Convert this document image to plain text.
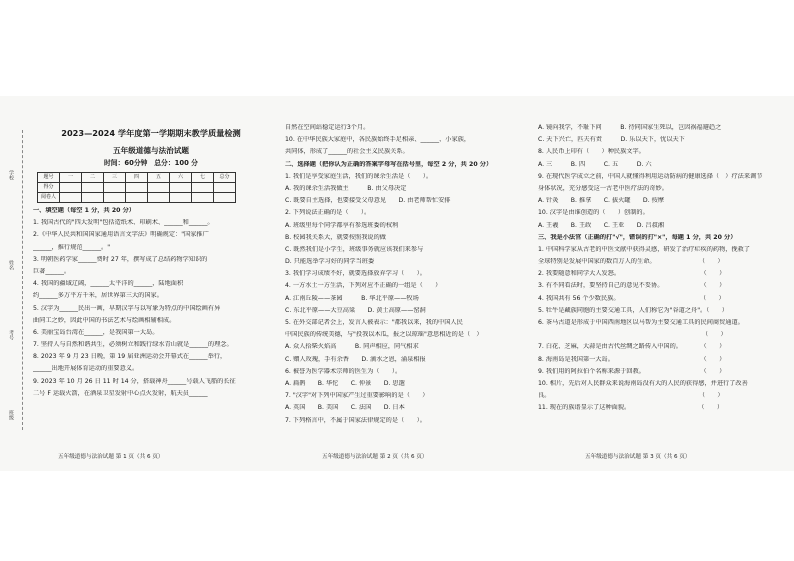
学校
姓名
考号
班级
2023—2024 学年度第一学期期末教学质量检测
五年级道德与法治试题
时间：60分钟　总分：100 分
题号	一	二	三	四	五	六	七	总分
得分								
阅卷人								
一、填空题（每空 1 分，共 20 分）
1. 我国古代的"四大发明"包括造纸术、印刷术、______和______。
2.《中华人民共和国国家通用语言文字法》明确规定："国家推广
______，推行规范______。"
3. 明朝医药学家______费时 27 年，撰写成了总结药物学知识的
巨著______。
4. 我国的疆域辽阔，______太平洋的______，陆地面积
约______多万平方千米，居世界第三大的国家。
5. 汉字为______民出一画，早期汉字与以写象为特点的中国绘画有异
曲同工之妙，因此中国的书法艺术与绘画相辅相成。
6. 美丽宝岛台湾在______，是我国第一大岛。
7. 坚持人与自然和谐共生，必须树立和践行绿水青山就是______的理念。
8. 2023 年 9 月 23 日晚，第 19 届亚洲运动会开幕式在______举行，
______出地开展体育运动的重要意义。
9. 2023 年 10 月 26 日 11 时 14 分，搭载神舟______号载人飞船的长征
二号 F 运载火箭，在酒泉卫星发射中心点火发射，航天员______
自然在空间站稳定运行3个月。
10. 在中华民族大家庭中，各民族始终手足相亲、______、小家族，
共同体，形成了______的社会主义民族关系。
二、选择题（把你认为正确的答案字母写在括号里，每空 2 分，共 20 分）
1. 我们是享受家庭生活，我们的课余生活是（　　）。
A. 我的课余生活我做主　　　B. 由父母决定
C. 既要自主选择，也要接受父母意见　　D. 由老师帮忙安排
2. 下列说法正确的是（　　）。
A. 班级里每个同学都享有参选班委的权利
B. 校园我关系大，就要按照我说的做
C. 既然我们是小学生，班级事务就应该我们来参与
D. 只能选举学习好的同学当班委
3. 我们学习成绩不好，就要选择放弃学习（　　）。
4. 一方水土一方生活，下列对应不正确的一组是（　　）
A. 江南丘陵——茶园　　　B. 华北平原——牧场
C. 东北平原——大豆高粱　　D. 黄土高原——窑洞
5. 在外交部记者会上，发言人被表示："都我以来，我的中国人民
中国民族的传统美德，与"投我以木瓜，报之以琼瑶"意思相近的是（　）
A. 众人拾柴火焰高　　　B. 同声相应，同气相求
C. 赠人玫瑰，手有余香　　D. 滴水之恩，涌泉相报
6. 被誉为医学器术宗师的医生为（　　）。
A. 扁鹊　　B. 华佗　　C. 仲景　　D. 思邈
7. "汉字"对下列中国家产生过重要影响的是（　　）
A. 英国　　B. 美国　　C. 法国　　D. 日本
7. 下列格言中，不属于国家法律规定的是（　　）。
A. 镜向我学，不耻下问　　　B. 待同国家生死以，岂因祸福避趋之
C. 天下兴亡，匹夫有责　　　D. 乐以天下，忧以天下
8. 人民币上印有（　　）种民族文字。
A. 三　　　B. 四　　　C. 五　　　D. 六
9. 在现代医学成立之前，中国人就懂得利用运动防病的健康选择（　）疗法来调节
身体状况，充分感受这一古老中医疗法的奇妙。
A. 针灸　　B. 推拿　　C. 拔火罐　　D. 按摩
10. 汉字是由谁创造的（　　）创制的。
A. 王羲　　B. 王政　　C. 王亚　　D. 吕叔湘
三、我是小法官（正确的打"√"，错误的打"×"，每题 1 分，共 20 分）
1. 中国科学家从古老的中医文献中获得灵感，研发了治疗疟疾的药物，挽救了
全球特别是发展中国家的数百万人的生命。　　　　　　　　（　　）
2. 我要随意和同学大人发怒。　　　　　　　　　　　　　　（　　）
3. 有不同看法时，要坚持自己的意见不妥协。　　　　　　　（　　）
4. 我国共有 56 个少数民族。　　　　　　　　　　　　　　（　　）
5. 牡牛是藏族同胞的主要交通工具，人们称它为"谷道之舟"。（　　）
6. 茶马古道是形成于中国西南地区以马帮为主要交通工具的民间商贸通道。
　　　　　　　　　　　　　　　　　　　　　　　　　　　（　　）
7. 白花、芝麻，大蒜是由古代丝绸之路传入中国的。　　　　（　　）
8. 海南岛是我国第一大岛。　　　　　　　　　　　　　　　（　　）
9. 我们用的阿拉伯个名称来源于回教。　　　　　　　　　　（　　）
10. 相片，先后对人民群众来说海南岛没有大的人民的获得感，并进行了改善
良。　　　　　　　　　　　　　　　　　　　　　　　　　（　　）
11. 现在的族谱显示了这种面貌。　　　　　　　　　　　　（　　）
五年级道德与法治试题 第 1 页（共 6 页）	五年级道德与法治试题 第 2 页（共 6 页）	五年级道德与法治试题 第 3 页（共 6 页）
